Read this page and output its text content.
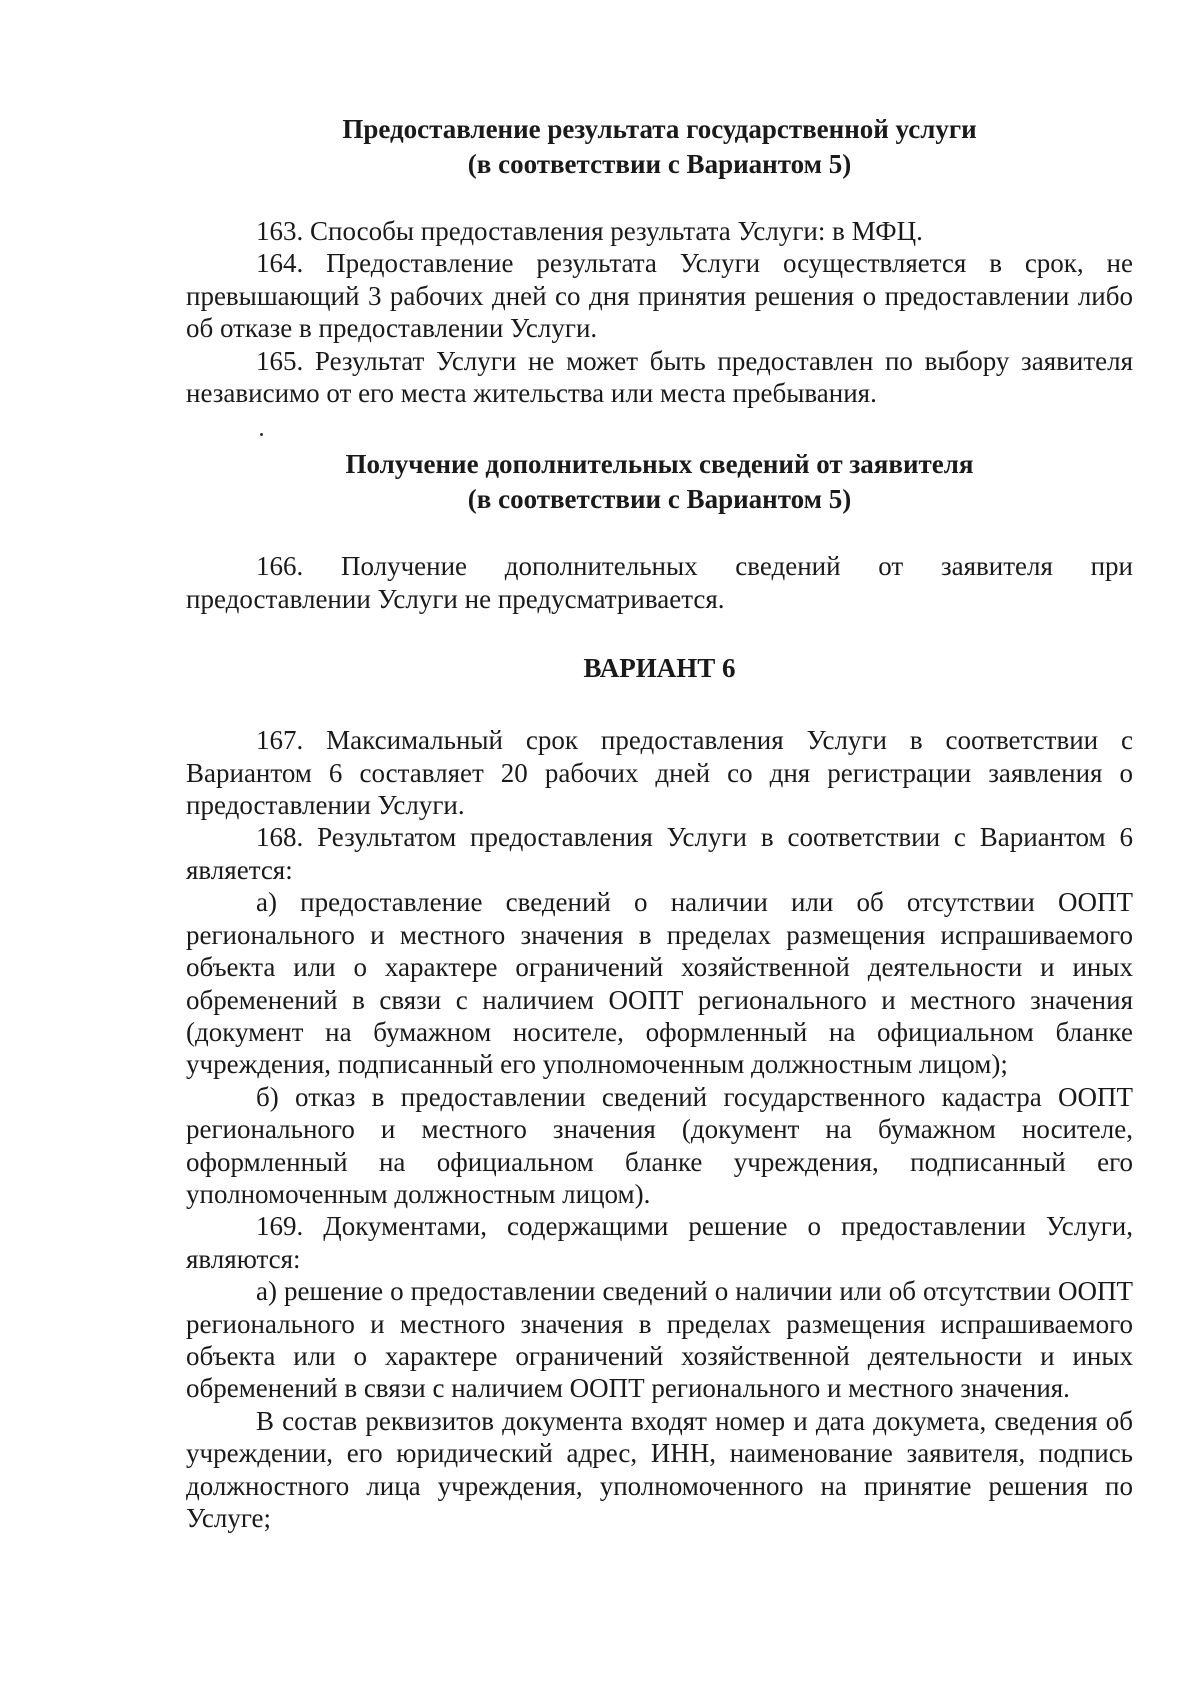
Предоставление результата государственной услуги

(в соответствии с Вариантом 5)

163. Способы предоставления результата Услуги: в МФЦ.

164. Предоставление результата Услуги осуществляется в срок, не превышающий 3 рабочих дней со дня принятия решения о предоставлении либо об отказе в предоставлении Услуги.

165. Результат Услуги не может быть предоставлен по выбору заявителя независимо от его места жительства или места пребывания.

Получение дополнительных сведений от заявителя

(в соответствии с Вариантом 5)

166. Получение дополнительных сведений от заявителя при предоставлении Услуги не предусматривается.

ВАРИАНТ 6

167. Максимальный срок предоставления Услуги в соответствии с Вариантом 6 составляет 20 рабочих дней со дня регистрации заявления о предоставлении Услуги.

168. Результатом предоставления Услуги в соответствии с Вариантом 6 является:

а) предоставление сведений о наличии или об отсутствии ООПТ регионального и местного значения в пределах размещения испрашиваемого объекта или о характере ограничений хозяйственной деятельности и иных обременений в связи с наличием ООПТ регионального и местного значения (документ на бумажном носителе, оформленный на официальном бланке учреждения, подписанный его уполномоченным должностным лицом);

б) отказ в предоставлении сведений государственного кадастра ООПТ регионального и местного значения (документ на бумажном носителе, оформленный на официальном бланке учреждения, подписанный его уполномоченным должностным лицом).

169. Документами, содержащими решение о предоставлении Услуги, являются:

а) решение о предоставлении сведений о наличии или об отсутствии ООПТ регионального и местного значения в пределах размещения испрашиваемого объекта или о характере ограничений хозяйственной деятельности и иных обременений в связи с наличием ООПТ регионального и местного значения.

В состав реквизитов документа входят номер и дата докумета, сведения об учреждении, его юридический адрес, ИНН, наименование заявителя, подпись должностного лица учреждения, уполномоченного на принятие решения по Услуге;
